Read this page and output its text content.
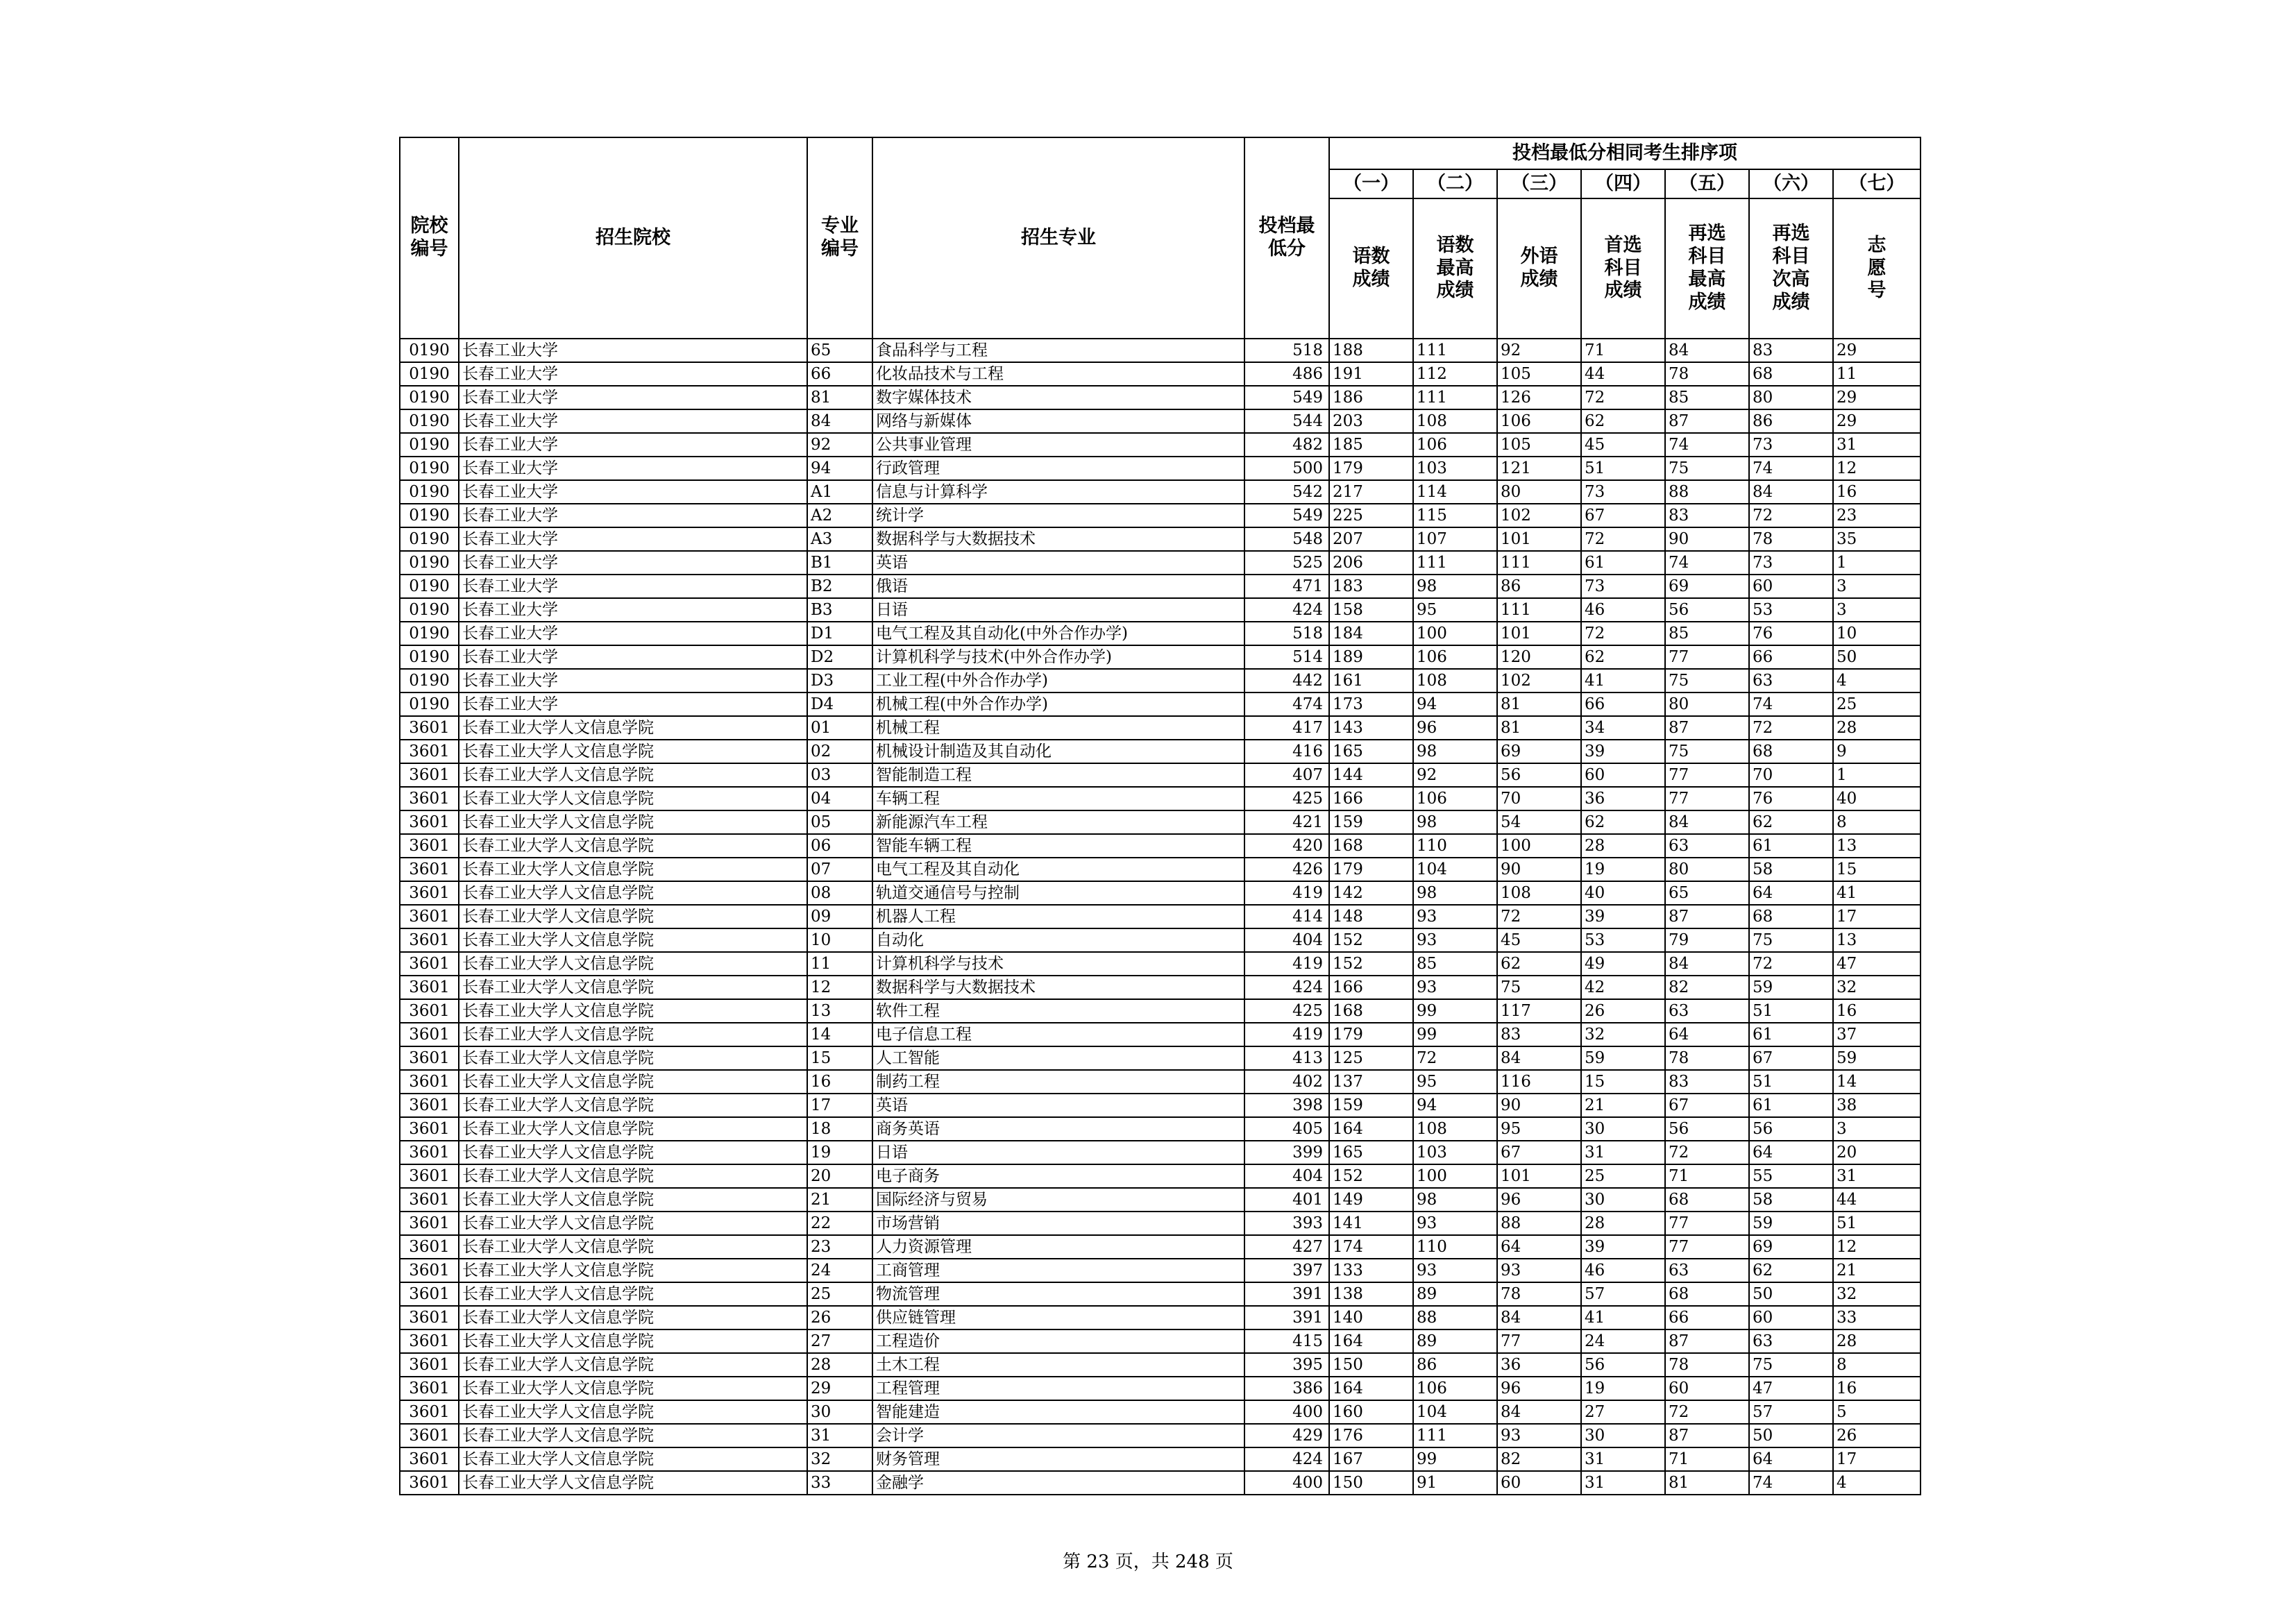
院校编号	招生院校	专业编号	招生专业	投档最低分	投档最低分相同考生排序项						
					（一）	（二）	（三）	（四）	（五）	（六）	（七）
					语数成绩	语数最高成绩	外语成绩	首选科目成绩	再选科目最高成绩	再选科目次高成绩	志愿号
0190	长春工业大学	65	食品科学与工程	518	188	111	92	71	84	83	29
0190	长春工业大学	66	化妆品技术与工程	486	191	112	105	44	78	68	11
0190	长春工业大学	81	数字媒体技术	549	186	111	126	72	85	80	29
0190	长春工业大学	84	网络与新媒体	544	203	108	106	62	87	86	29
0190	长春工业大学	92	公共事业管理	482	185	106	105	45	74	73	31
0190	长春工业大学	94	行政管理	500	179	103	121	51	75	74	12
0190	长春工业大学	A1	信息与计算科学	542	217	114	80	73	88	84	16
0190	长春工业大学	A2	统计学	549	225	115	102	67	83	72	23
0190	长春工业大学	A3	数据科学与大数据技术	548	207	107	101	72	90	78	35
0190	长春工业大学	B1	英语	525	206	111	111	61	74	73	1
0190	长春工业大学	B2	俄语	471	183	98	86	73	69	60	3
0190	长春工业大学	B3	日语	424	158	95	111	46	56	53	3
0190	长春工业大学	D1	电气工程及其自动化(中外合作办学)	518	184	100	101	72	85	76	10
0190	长春工业大学	D2	计算机科学与技术(中外合作办学)	514	189	106	120	62	77	66	50
0190	长春工业大学	D3	工业工程(中外合作办学)	442	161	108	102	41	75	63	4
0190	长春工业大学	D4	机械工程(中外合作办学)	474	173	94	81	66	80	74	25
3601	长春工业大学人文信息学院	01	机械工程	417	143	96	81	34	87	72	28
3601	长春工业大学人文信息学院	02	机械设计制造及其自动化	416	165	98	69	39	75	68	9
3601	长春工业大学人文信息学院	03	智能制造工程	407	144	92	56	60	77	70	1
3601	长春工业大学人文信息学院	04	车辆工程	425	166	106	70	36	77	76	40
3601	长春工业大学人文信息学院	05	新能源汽车工程	421	159	98	54	62	84	62	8
3601	长春工业大学人文信息学院	06	智能车辆工程	420	168	110	100	28	63	61	13
3601	长春工业大学人文信息学院	07	电气工程及其自动化	426	179	104	90	19	80	58	15
3601	长春工业大学人文信息学院	08	轨道交通信号与控制	419	142	98	108	40	65	64	41
3601	长春工业大学人文信息学院	09	机器人工程	414	148	93	72	39	87	68	17
3601	长春工业大学人文信息学院	10	自动化	404	152	93	45	53	79	75	13
3601	长春工业大学人文信息学院	11	计算机科学与技术	419	152	85	62	49	84	72	47
3601	长春工业大学人文信息学院	12	数据科学与大数据技术	424	166	93	75	42	82	59	32
3601	长春工业大学人文信息学院	13	软件工程	425	168	99	117	26	63	51	16
3601	长春工业大学人文信息学院	14	电子信息工程	419	179	99	83	32	64	61	37
3601	长春工业大学人文信息学院	15	人工智能	413	125	72	84	59	78	67	59
3601	长春工业大学人文信息学院	16	制药工程	402	137	95	116	15	83	51	14
3601	长春工业大学人文信息学院	17	英语	398	159	94	90	21	67	61	38
3601	长春工业大学人文信息学院	18	商务英语	405	164	108	95	30	56	56	3
3601	长春工业大学人文信息学院	19	日语	399	165	103	67	31	72	64	20
3601	长春工业大学人文信息学院	20	电子商务	404	152	100	101	25	71	55	31
3601	长春工业大学人文信息学院	21	国际经济与贸易	401	149	98	96	30	68	58	44
3601	长春工业大学人文信息学院	22	市场营销	393	141	93	88	28	77	59	51
3601	长春工业大学人文信息学院	23	人力资源管理	427	174	110	64	39	77	69	12
3601	长春工业大学人文信息学院	24	工商管理	397	133	93	93	46	63	62	21
3601	长春工业大学人文信息学院	25	物流管理	391	138	89	78	57	68	50	32
3601	长春工业大学人文信息学院	26	供应链管理	391	140	88	84	41	66	60	33
3601	长春工业大学人文信息学院	27	工程造价	415	164	89	77	24	87	63	28
3601	长春工业大学人文信息学院	28	土木工程	395	150	86	36	56	78	75	8
3601	长春工业大学人文信息学院	29	工程管理	386	164	106	96	19	60	47	16
3601	长春工业大学人文信息学院	30	智能建造	400	160	104	84	27	72	57	5
3601	长春工业大学人文信息学院	31	会计学	429	176	111	93	30	87	50	26
3601	长春工业大学人文信息学院	32	财务管理	424	167	99	82	31	71	64	17
3601	长春工业大学人文信息学院	33	金融学	400	150	91	60	31	81	74	4
第 23 页，共 248 页
